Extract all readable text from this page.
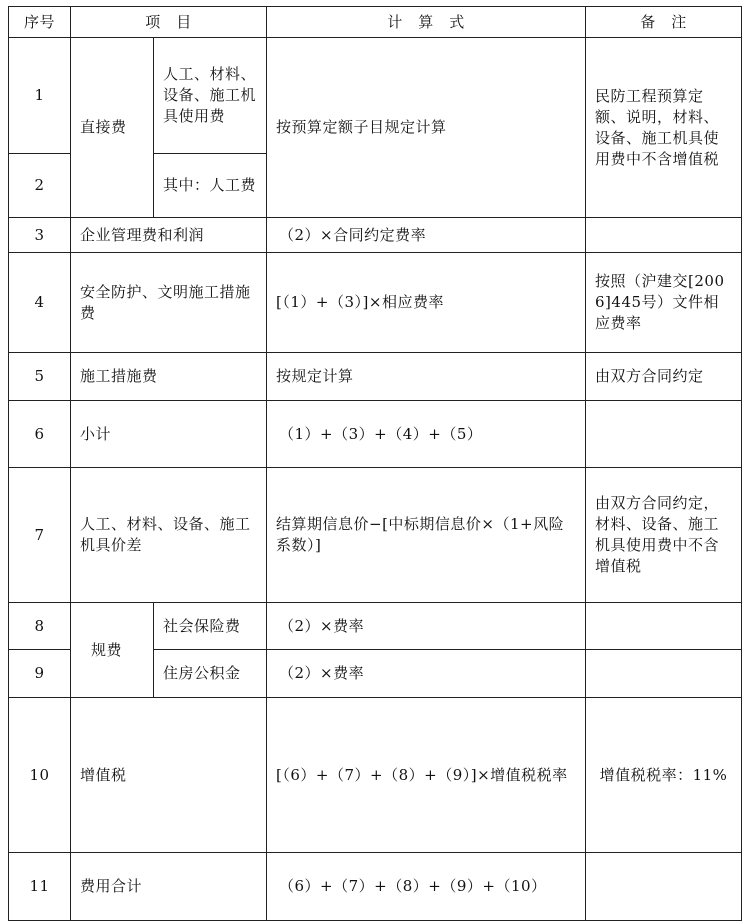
序号	项　目		计　算　式	备　注
1	直接费	人工、材料、设备、施工机具使用费	按预算定额子目规定计算	民防工程预算定额、说明，材料、设备、施工机具使用费中不含增值税
2		其中：人工费		
3	企业管理费和利润		（2）×合同约定费率	
4	安全防护、文明施工措施费		[（1）+（3）]×相应费率	按照（沪建交[2006]445号）文件相应费率
5	施工措施费		按规定计算	由双方合同约定
6	小计		（1）+（3）+（4）+（5）	
7	人工、材料、设备、施工机具价差		结算期信息价−[中标期信息价×（1+风险系数）]	由双方合同约定，材料、设备、施工机具使用费中不含增值税
8	规费	社会保险费	（2）×费率	
9		住房公积金	（2）×费率	
10	增值税		[（6）+（7）+（8）+（9）]×增值税税率	增值税税率：11%
11	费用合计		（6）+（7）+（8）+（9）+（10）	
